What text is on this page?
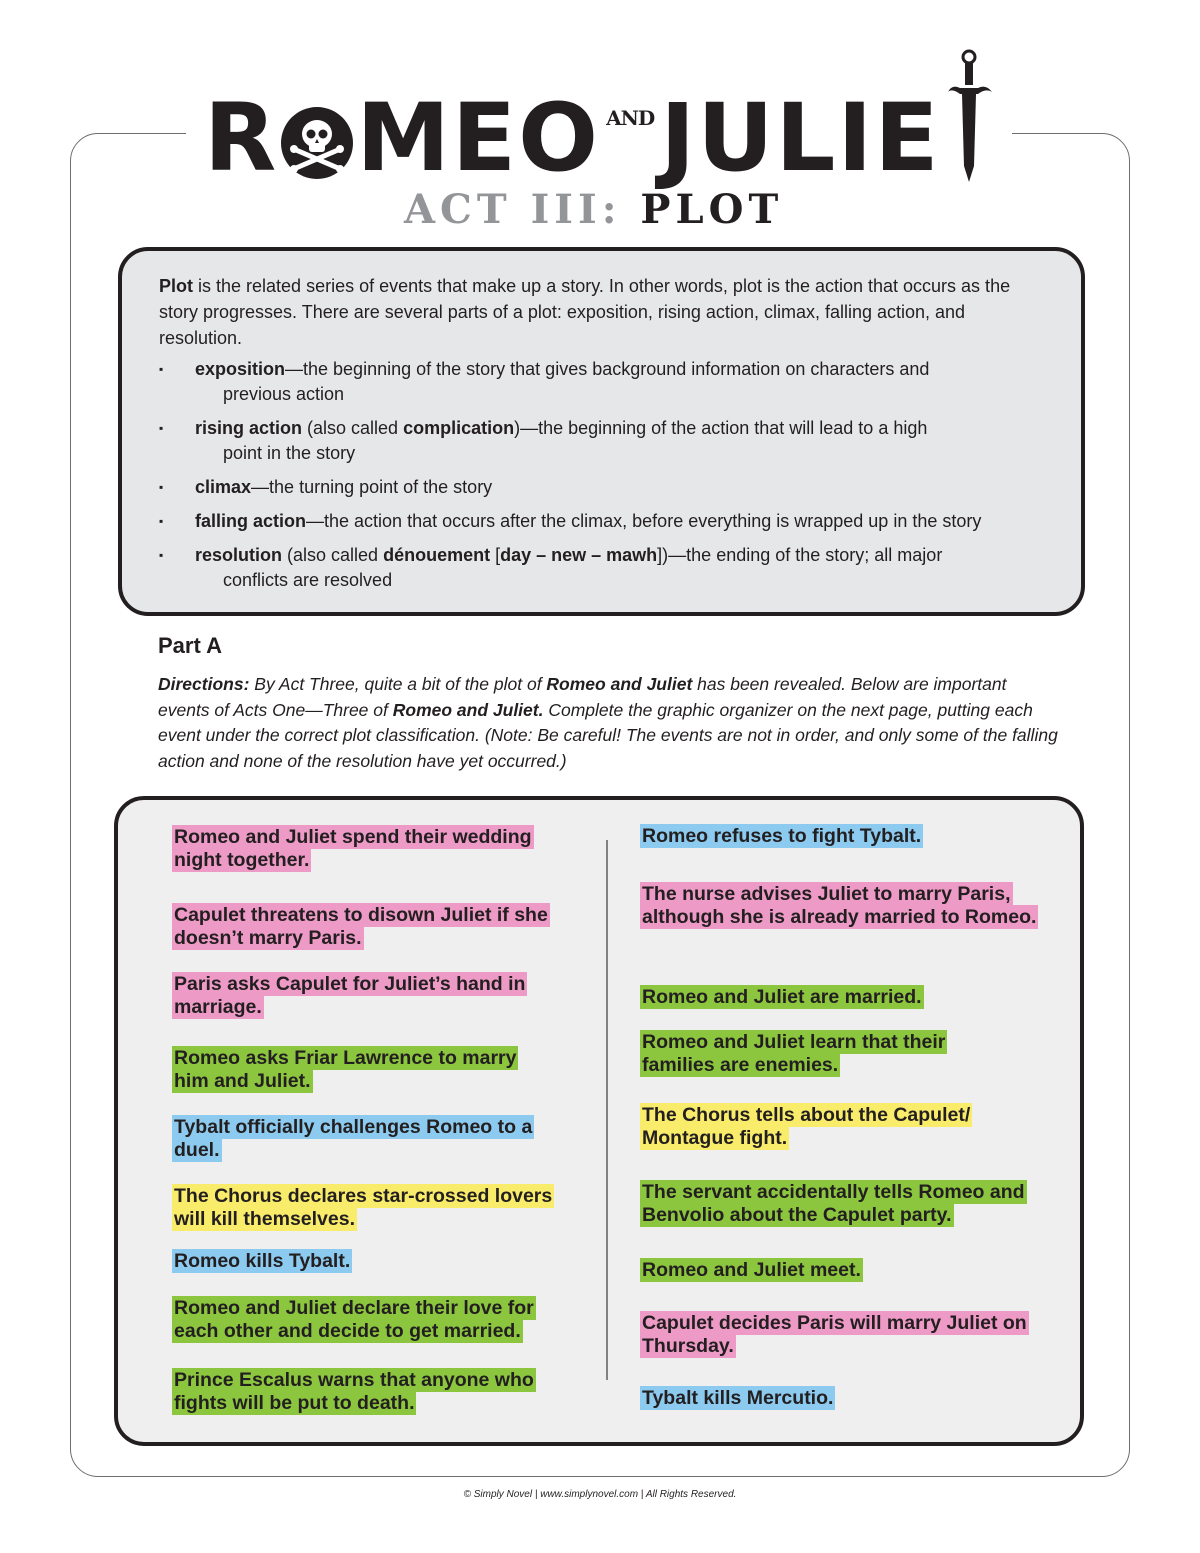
R MEO AND JULIE
ACT III: PLOT

Plot is the related series of events that make up a story. In other words, plot is the action that occurs as the story progresses. There are several parts of a plot: exposition, rising action, climax, falling action, and resolution.

▪ exposition—the beginning of the story that gives background information on characters and
previous action
▪ rising action (also called complication)—the beginning of the action that will lead to a high
point in the story
▪ climax—the turning point of the story
▪ falling action—the action that occurs after the climax, before everything is wrapped up in the story
▪ resolution (also called dénouement [day – new – mawh])—the ending of the story; all major
conflicts are resolved
Part A
Directions: By Act Three, quite a bit of the plot of Romeo and Juliet has been revealed. Below are important events of Acts One—Three of Romeo and Juliet. Complete the graphic organizer on the next page, putting each event under the correct plot classification. (Note: Be careful! The events are not in order, and only some of the falling action and none of the resolution have yet occurred.)
Romeo and Juliet spend their wedding night together.
Capulet threatens to disown Juliet if she doesn’t marry Paris.
Paris asks Capulet for Juliet’s hand in marriage.
Romeo asks Friar Lawrence to marry him and Juliet.
Tybalt officially challenges Romeo to a duel.
The Chorus declares star-crossed lovers will kill themselves.
Romeo kills Tybalt.
Romeo and Juliet declare their love for each other and decide to get married.
Prince Escalus warns that anyone who fights will be put to death.
Romeo refuses to fight Tybalt.
The nurse advises Juliet to marry Paris, although she is already married to Romeo.
Romeo and Juliet are married.
Romeo and Juliet learn that their families are enemies.
The Chorus tells about the Capulet/ Montague fight.
The servant accidentally tells Romeo and Benvolio about the Capulet party.
Romeo and Juliet meet.
Capulet decides Paris will marry Juliet on Thursday.
Tybalt kills Mercutio.
© Simply Novel | www.simplynovel.com | All Rights Reserved.
